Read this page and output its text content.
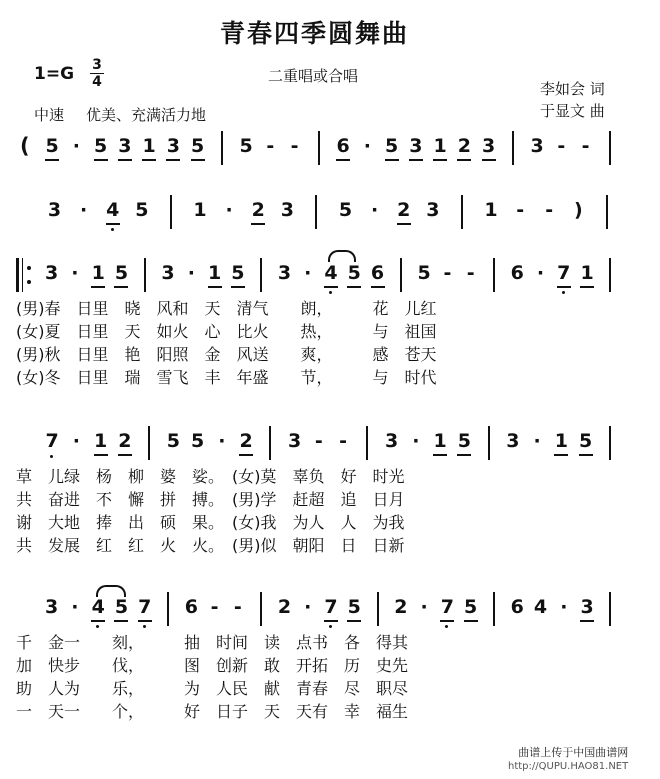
青春四季圆舞曲
1=G 3
4	二重唱或合唱
李如会 词
中速 优美、充满活力地	于显文 曲
5 · 5 3 1 3 5 5 - - 6 · 5 3 1 2 3 3 - -
3 · 4 5 1 · 2 3 5 · 2 3 1 - - )
3 · 1 5 3 · 1 5 3 · 4 5 6 5 - - 6 · 7 1
(男)春　日里　晓　风和　天　清气　　朗，　　　花　儿红
(女)夏　日里　天　如火　心　比火　　热，　　　与　祖国
(男)秋　日里　艳　阳照　金　风送　　爽，　　　感　苍天
(女)冬　日里　瑞　雪飞　丰　年盛　　节，　　　与　时代
7 · 1 2 5 5 · 2 3 - - 3 · 1 5 3 · 1 5
草　儿绿　杨　柳　婆　娑。　(女)莫　辜负　好　时光
共　奋进　不　懈　拼　搏。　(男)学　赶超　追　日月
谢　大地　捧　出　硕　果。　(女)我　为人　人　为我
共　发展　红　红　火　火。　(男)似　朝阳　日　日新
3 · 4 5 7 6 - - 2 · 7 5 2 · 7 5 6 4 · 3
千　金一　　刻，　　　抽　时间　读　点书　各　得其
加　快步　　伐，　　　图　创新　敢　开拓　历　史先
助　人为　　乐，　　　为　人民　献　青春　尽　职尽
一　天一　　个，　　　好　日子　天　天有　幸　福生
(
曲谱上传于中国曲谱网
http://QUPU.HAO81.NET
